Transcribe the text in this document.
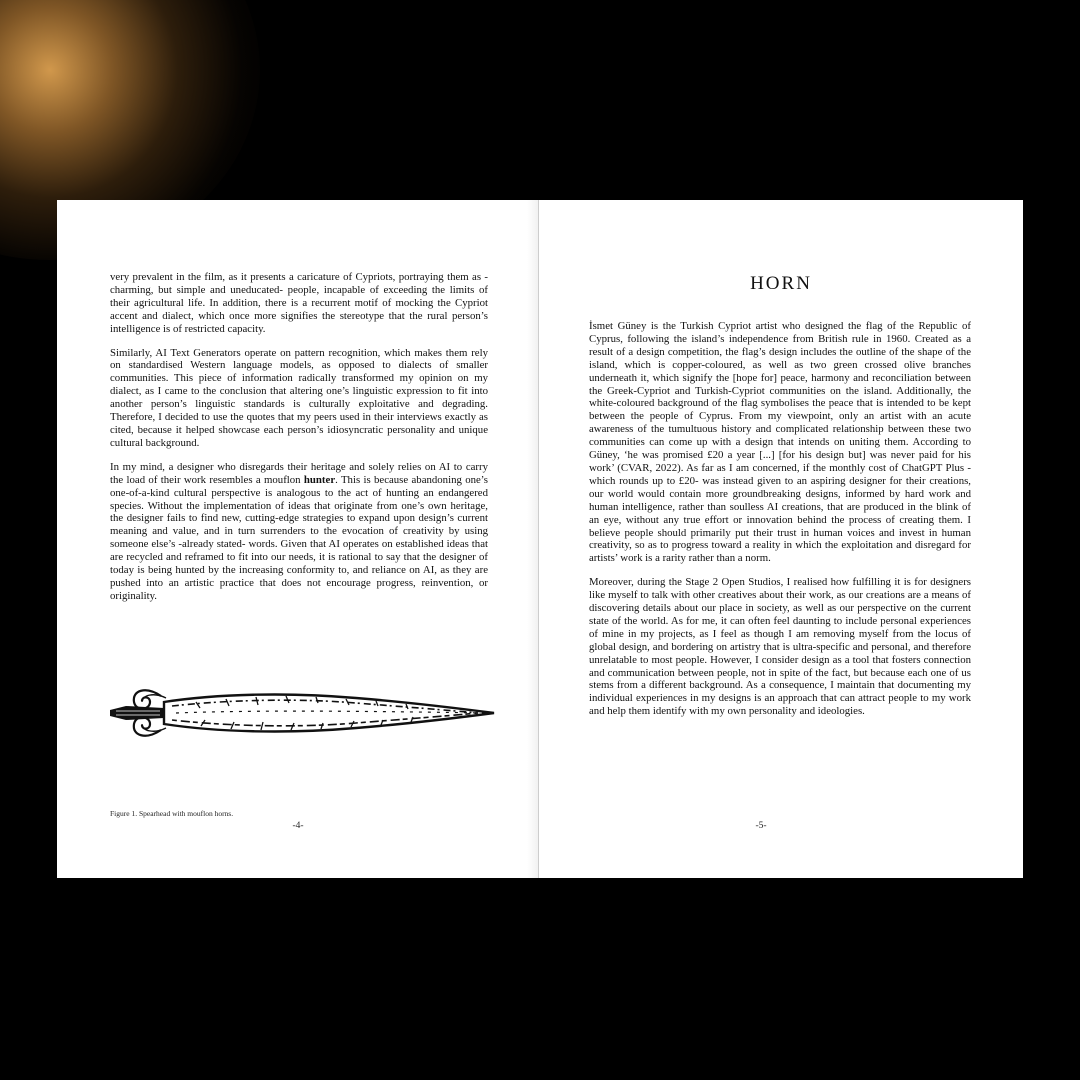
very prevalent in the film, as it presents a caricature of Cypriots, portraying them as -charming, but simple and uneducated- people, incapable of exceeding the limits of their agricultural life. In addition, there is a recurrent motif of mocking the Cypriot accent and dialect, which once more signifies the stereotype that the rural person’s intelligence is of restricted capacity.

Similarly, AI Text Generators operate on pattern recognition, which makes them rely on standardised Western language models, as opposed to dialects of smaller communities. This piece of information radically transformed my opinion on my dialect, as I came to the conclusion that altering one’s linguistic expression to fit into another person’s linguistic standards is culturally exploitative and degrading. Therefore, I decided to use the quotes that my peers used in their interviews exactly as cited, because it helped showcase each person’s idiosyncratic personality and unique cultural background.

In my mind, a designer who disregards their heritage and solely relies on AI to carry the load of their work resembles a mouflon hunter. This is because abandoning one’s one-of-a-kind cultural perspective is analogous to the act of hunting an endangered species. Without the implementation of ideas that originate from one’s own heritage, the designer fails to find new, cutting-edge strategies to expand upon design’s current meaning and value, and in turn surrenders to the evocation of creativity by using someone else’s -already stated- words. Given that AI operates on established ideas that are recycled and reframed to fit into our needs, it is rational to say that the designer of today is being hunted by the increasing conformity to, and reliance on AI, as they are pushed into an artistic practice that does not encourage progress, reinvention, or originality.

Figure 1. Spearhead with mouflon horns.
-4-
HORN

İsmet Güney is the Turkish Cypriot artist who designed the flag of the Republic of Cyprus, following the island’s independence from British rule in 1960. Created as a result of a design competition, the flag’s design includes the outline of the shape of the island, which is copper-coloured, as well as two green crossed olive branches underneath it, which signify the [hope for] peace, harmony and reconciliation between the Greek-Cypriot and Turkish-Cypriot communities on the island. Additionally, the white-coloured background of the flag symbolises the peace that is intended to be kept between the people of Cyprus. From my viewpoint, only an artist with an acute awareness of the tumultuous history and complicated relationship between these two communities can come up with a design that intends on uniting them. According to Güney, ‘he was promised £20 a year [...] [for his design but] was never paid for his work’ (CVAR, 2022). As far as I am concerned, if the monthly cost of ChatGPT Plus -which rounds up to £20- was instead given to an aspiring designer for their creations, our world would contain more groundbreaking designs, informed by hard work and human intelligence, rather than soulless AI creations, that are produced in the blink of an eye, without any true effort or innovation behind the process of creating them. I believe people should primarily put their trust in human voices and invest in human creativity, so as to progress toward a reality in which the exploitation and disregard for artists’ work is a rarity rather than a norm.

Moreover, during the Stage 2 Open Studios, I realised how fulfilling it is for designers like myself to talk with other creatives about their work, as our creations are a means of discovering details about our place in society, as well as our perspective on the current state of the world. As for me, it can often feel daunting to include personal experiences of mine in my projects, as I feel as though I am removing myself from the locus of global design, and bordering on artistry that is ultra-specific and personal, and therefore unrelatable to most people. However, I consider design as a tool that fosters connection and communication between people, not in spite of the fact, but because each one of us stems from a different background. As a consequence, I maintain that documenting my individual experiences in my designs is an approach that can attract people to my work and help them identify with my own personality and ideologies.

-5-
